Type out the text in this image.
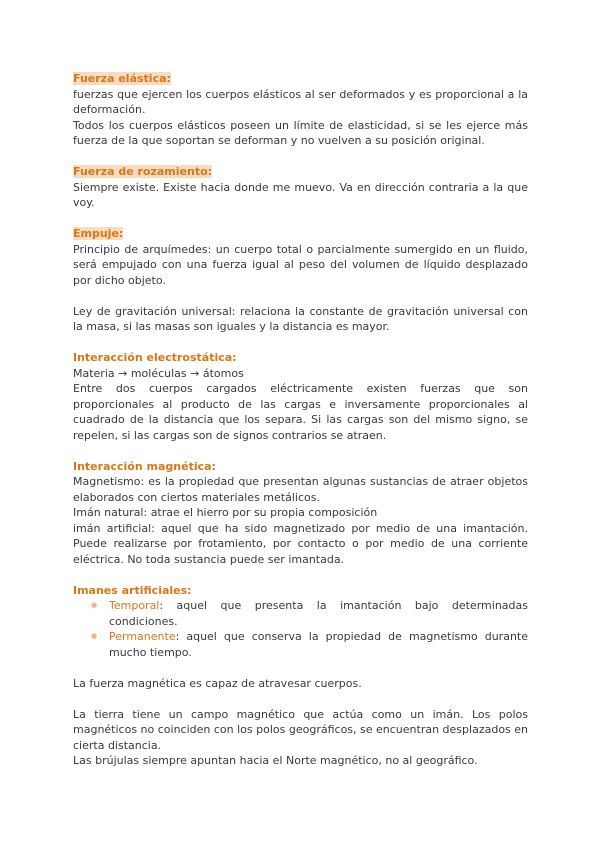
Fuerza elástica:

fuerzas que ejercen los cuerpos elásticos al ser deformados y es proporcional a la deformación.

Todos los cuerpos elásticos poseen un límite de elasticidad, si se les ejerce más fuerza de la que soportan se deforman y no vuelven a su posición original.

Fuerza de rozamiento:

Siempre existe. Existe hacia donde me muevo. Va en dirección contraria a la que voy.

Empuje:

Principio de arquímedes: un cuerpo total o parcialmente sumergido en un fluido, será empujado con una fuerza igual al peso del volumen de líquido desplazado por dicho objeto.

Ley de gravitación universal: relaciona la constante de gravitación universal con la masa, si las masas son iguales y la distancia es mayor.

Interacción electrostática:

Materia → moléculas → átomos

Entre dos cuerpos cargados eléctricamente existen fuerzas que son proporcionales al producto de las cargas e inversamente proporcionales al cuadrado de la distancia que los separa. Si las cargas son del mismo signo, se repelen, si las cargas son de signos contrarios se atraen.

Interacción magnética:

Magnetismo: es la propiedad que presentan algunas sustancias de atraer objetos elaborados con ciertos materiales metálicos.

Imán natural: atrae el hierro por su propia composición

imán artificial: aquel que ha sido magnetizado por medio de una imantación. Puede realizarse por frotamiento, por contacto o por medio de una corriente eléctrica. No toda sustancia puede ser imantada.

Imanes artificiales:
● Temporal: aquel que presenta la imantación bajo determinadas condiciones.
● Permanente: aquel que conserva la propiedad de magnetismo durante mucho tiempo.

La fuerza magnética es capaz de atravesar cuerpos.

La tierra tiene un campo magnético que actúa como un imán. Los polos magnéticos no coinciden con los polos geográficos, se encuentran desplazados en cierta distancia.

Las brújulas siempre apuntan hacia el Norte magnético, no al geográfico.
